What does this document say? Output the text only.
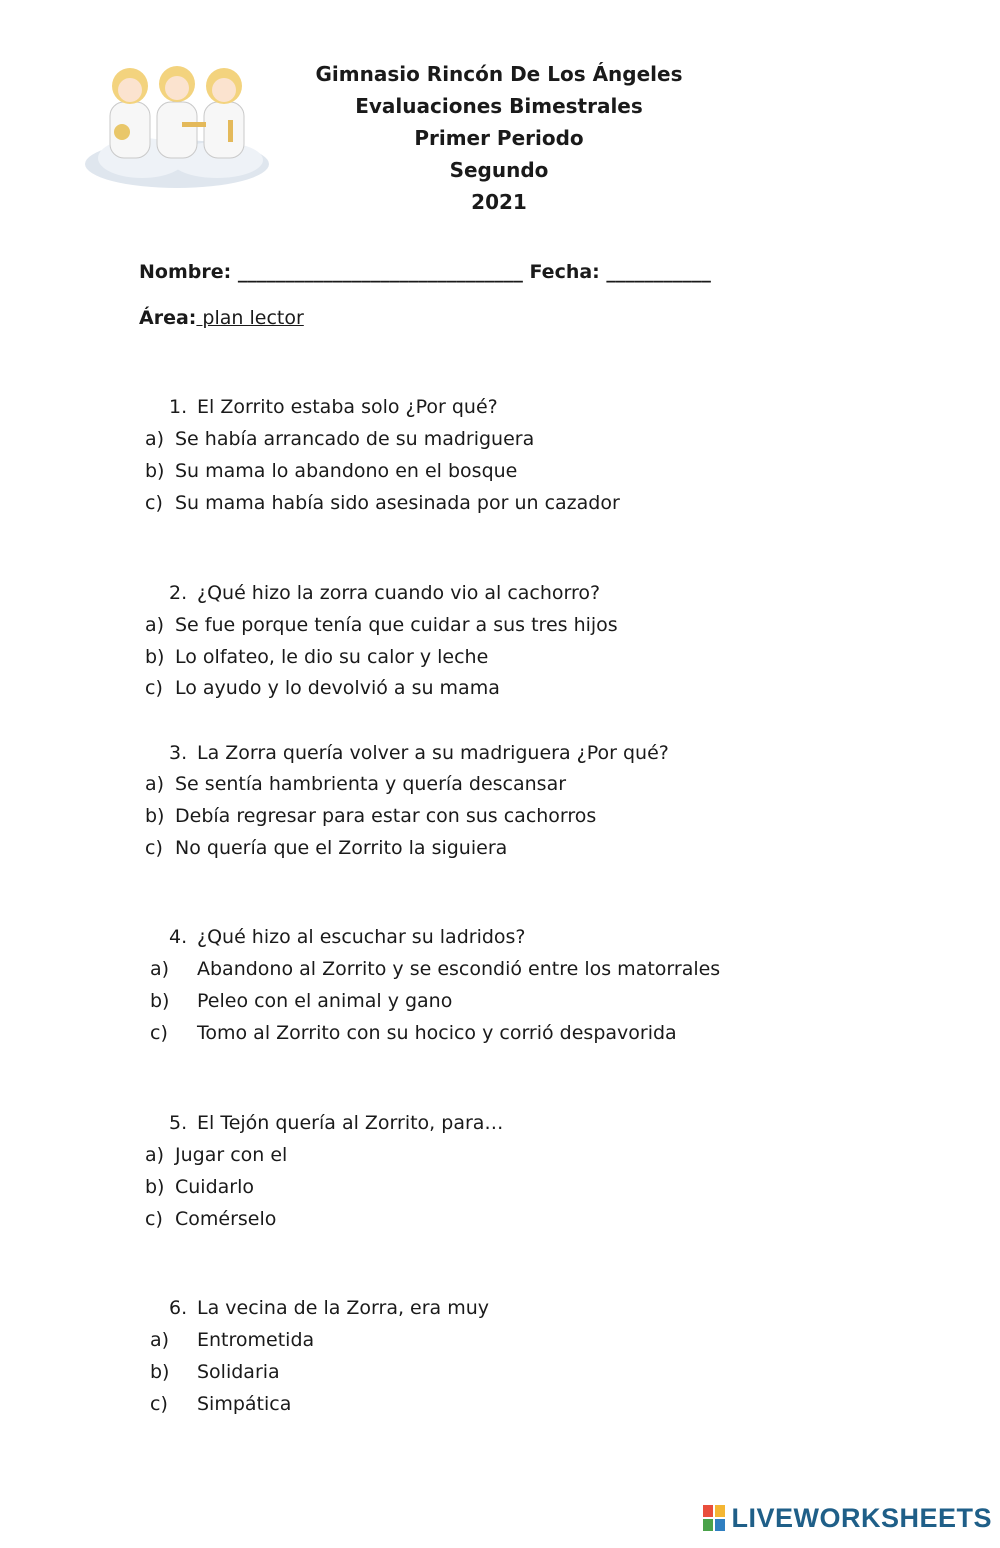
Gimnasio Rincón De Los Ángeles
Evaluaciones Bimestrales
Primer Periodo
Segundo
2021
Nombre: ______________________________ Fecha: ___________
Área: plan lector
1. El Zorrito estaba solo ¿Por qué?
a) Se había arrancado de su madriguera
b) Su mama lo abandono en el bosque
c) Su mama había sido asesinada por un cazador
2. ¿Qué hizo la zorra cuando vio al cachorro?
a) Se fue porque tenía que cuidar a sus tres hijos
b) Lo olfateo, le dio su calor y leche
c) Lo ayudo y lo devolvió a su mama
3. La Zorra quería volver a su madriguera ¿Por qué?
a) Se sentía hambrienta y quería descansar
b) Debía regresar para estar con sus cachorros
c) No quería que el Zorrito la siguiera
4. ¿Qué hizo al escuchar su ladridos?
a) Abandono al Zorrito y se escondió entre los matorrales
b) Peleo con el animal y gano
c) Tomo al Zorrito con su hocico y corrió despavorida
5. El Tejón quería al Zorrito, para…
a) Jugar con el
b) Cuidarlo
c) Comérselo
6. La vecina de la Zorra, era muy
a) Entrometida
b) Solidaria
c) Simpática
LIVEWORKSHEETS
